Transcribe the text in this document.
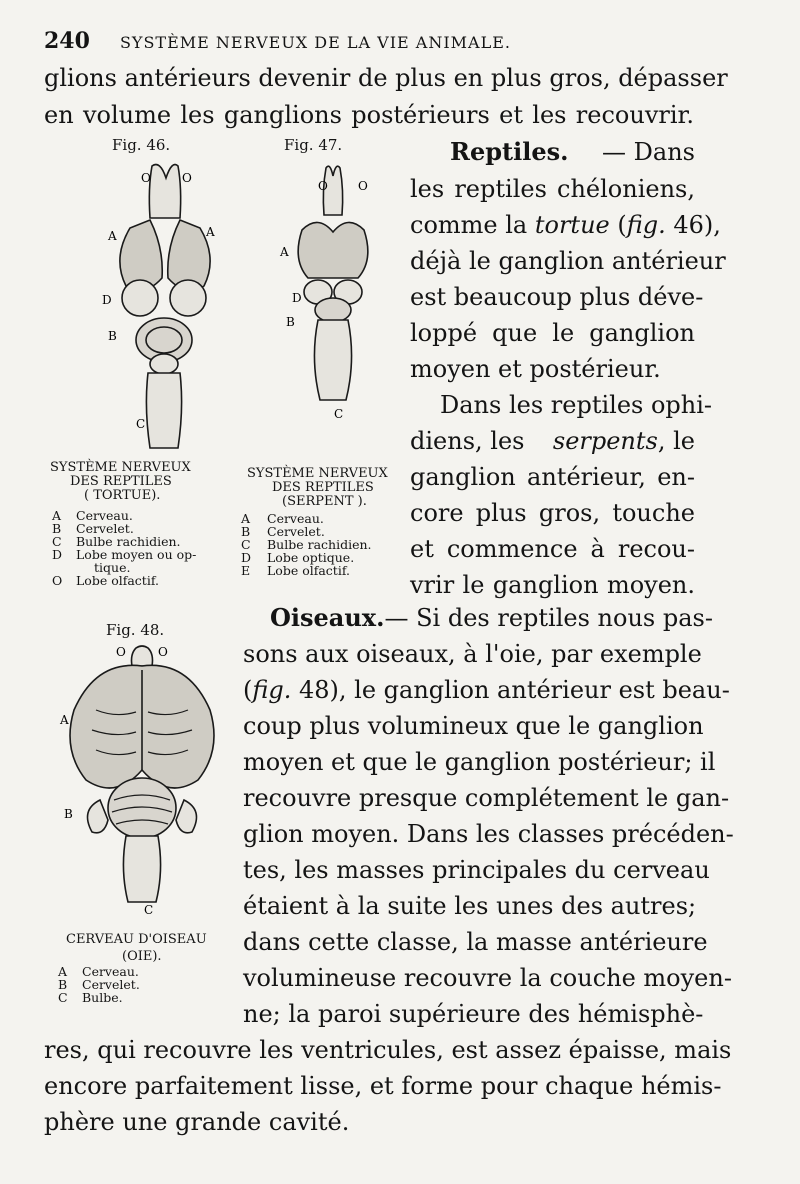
240 SYSTÈME NERVEUX DE LA VIE ANIMALE.
glions antérieurs devenir de plus en plus gros, dépasser
en volume les ganglions postérieurs et les recouvrir.
Fig. 46.
O	O
A	A
D
B
C
SYSTÈME NERVEUX
DES REPTILES
( TORTUE).
A Cerveau.
B Cervelet.
C Bulbe rachidien.
D Lobe moyen ou op-
tique.
O Lobe olfactif.
Fig. 47.
O	O
A
D
B
C
SYSTÈME NERVEUX
DES REPTILES
(SERPENT ).
A Cerveau.
B Cervelet.
C Bulbe rachidien.
D Lobe optique.
E Lobe olfactif.
Reptiles. — Dans
les reptiles chéloniens,
comme la tortue (fig. 46),
déjà le ganglion antérieur
est beaucoup plus déve-
loppé que le ganglion
moyen et postérieur.
Dans les reptiles ophi-
diens, les serpents, le
ganglion antérieur, en-
core plus gros, touche
et commence à recou-
vrir le ganglion moyen.
Fig. 48.
O	O
A
B
C
CERVEAU D'OISEAU
(OIE).
A Cerveau.
B Cervelet.
C Bulbe.
Oiseaux. — Si des reptiles nous pas-
sons aux oiseaux, à l'oie, par exemple
(fig. 48), le ganglion antérieur est beau-
coup plus volumineux que le ganglion
moyen et que le ganglion postérieur; il
recouvre presque complétement le gan-
glion moyen. Dans les classes précéden-
tes, les masses principales du cerveau
étaient à la suite les unes des autres;
dans cette classe, la masse antérieure
volumineuse recouvre la couche moyen-
ne; la paroi supérieure des hémisphè-
res, qui recouvre les ventricules, est assez épaisse, mais
encore parfaitement lisse, et forme pour chaque hémis-
phère une grande cavité.
